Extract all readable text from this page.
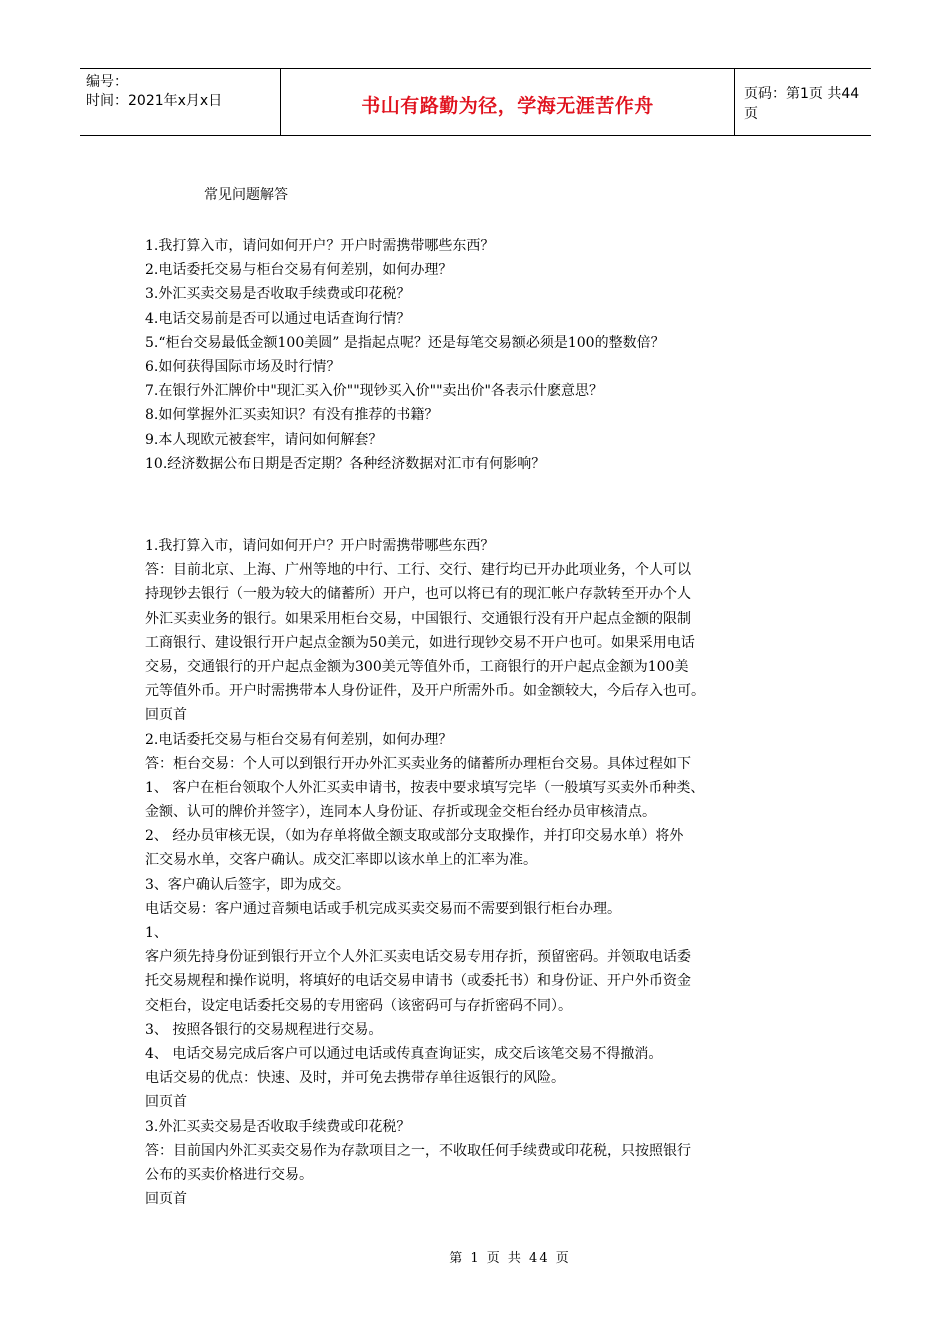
编号：
时间：2021年x月x日	书山有路勤为径，学海无涯苦作舟
页码：第1页 共44页
常见问题解答
1.我打算入市，请问如何开户？开户时需携带哪些东西？
2.电话委托交易与柜台交易有何差别，如何办理？
3.外汇买卖交易是否收取手续费或印花税？
4.电话交易前是否可以通过电话查询行情？
5.“柜台交易最低金额100美圆” 是指起点呢？还是每笔交易额必须是100的整数倍？
6.如何获得国际市场及时行情？
7.在银行外汇牌价中"现汇买入价""现钞买入价""卖出价"各表示什麽意思？
8.如何掌握外汇买卖知识？有没有推荐的书籍？
9.本人现欧元被套牢，请问如何解套？
10.经济数据公布日期是否定期？各种经济数据对汇市有何影响？
1.我打算入市，请问如何开户？开户时需携带哪些东西？
答：目前北京、上海、广州等地的中行、工行、交行、建行均已开办此项业务，个人可以
持现钞去银行（一般为较大的储蓄所）开户，也可以将已有的现汇帐户存款转至开办个人
外汇买卖业务的银行。如果采用柜台交易，中国银行、交通银行没有开户起点金额的限制
工商银行、建设银行开户起点金额为50美元，如进行现钞交易不开户也可。如果采用电话
交易，交通银行的开户起点金额为300美元等值外币，工商银行的开户起点金额为100美
元等值外币。开户时需携带本人身份证件，及开户所需外币。如金额较大，今后存入也可。
回页首
2.电话委托交易与柜台交易有何差别，如何办理？
答：柜台交易：个人可以到银行开办外汇买卖业务的储蓄所办理柜台交易。具体过程如下
1、 客户在柜台领取个人外汇买卖申请书，按表中要求填写完毕（一般填写买卖外币种类、
金额、认可的牌价并签字），连同本人身份证、存折或现金交柜台经办员审核清点。
2、 经办员审核无误，（如为存单将做全额支取或部分支取操作，并打印交易水单）将外
汇交易水单，交客户确认。成交汇率即以该水单上的汇率为准。
3、客户确认后签字，即为成交。
电话交易：客户通过音频电话或手机完成买卖交易而不需要到银行柜台办理。
1、
客户须先持身份证到银行开立个人外汇买卖电话交易专用存折，预留密码。并领取电话委
托交易规程和操作说明，将填好的电话交易申请书（或委托书）和身份证、开户外币资金
交柜台，设定电话委托交易的专用密码（该密码可与存折密码不同）。
3、 按照各银行的交易规程进行交易。
4、 电话交易完成后客户可以通过电话或传真查询证实，成交后该笔交易不得撤消。
电话交易的优点：快速、及时，并可免去携带存单往返银行的风险。
回页首
3.外汇买卖交易是否收取手续费或印花税？
答：目前国内外汇买卖交易作为存款项目之一，不收取任何手续费或印花税，只按照银行
公布的买卖价格进行交易。
回页首
第 1 页 共 44 页
